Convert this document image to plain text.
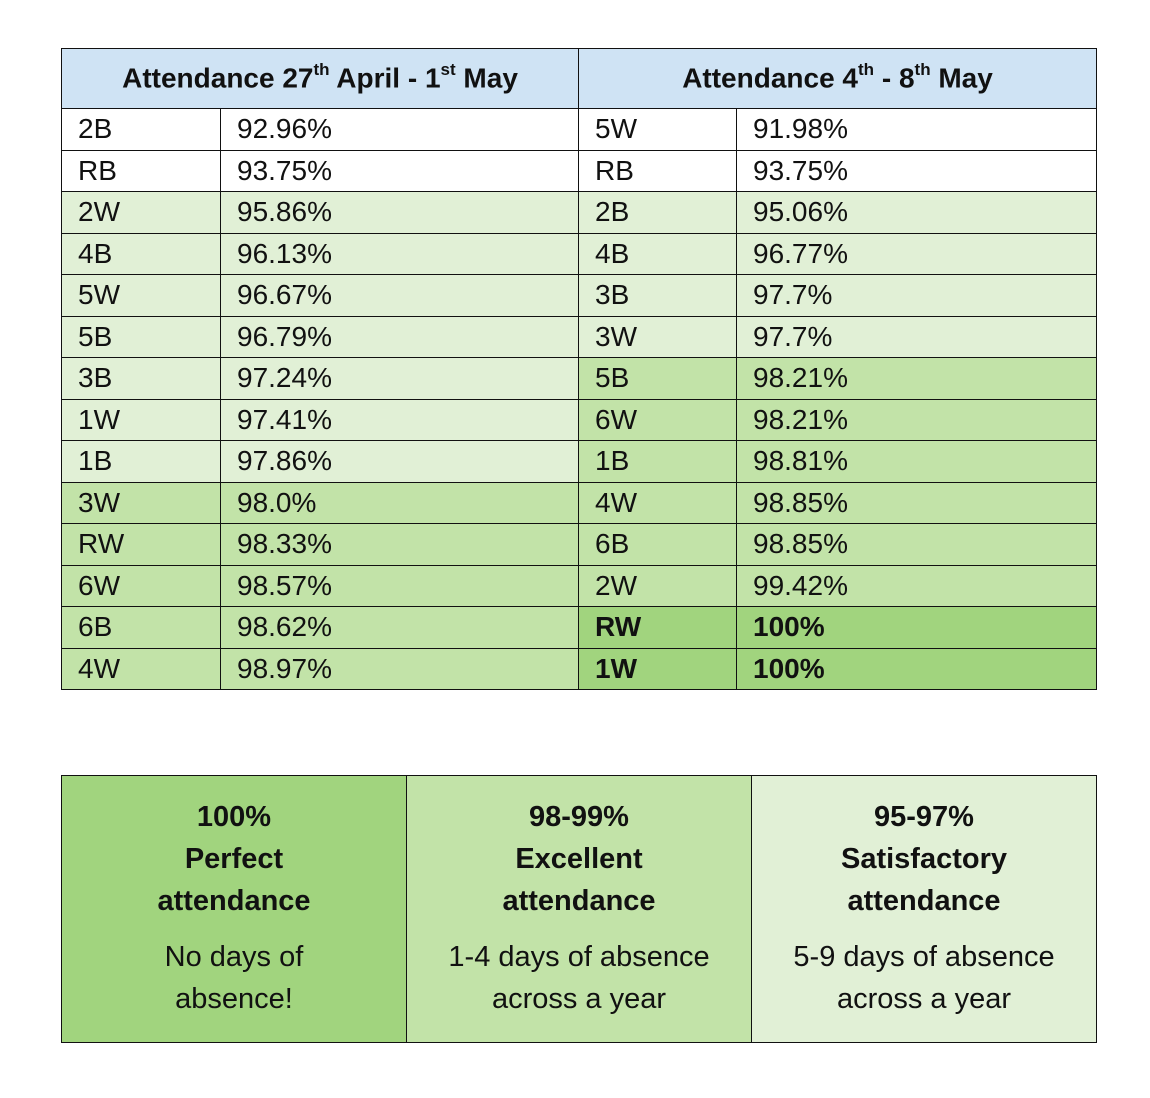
Attendance 27th April - 1st May		Attendance 4th - 8th May	
2B	92.96%	5W	91.98%
RB	93.75%	RB	93.75%
2W	95.86%	2B	95.06%
4B	96.13%	4B	96.77%
5W	96.67%	3B	97.7%
5B	96.79%	3W	97.7%
3B	97.24%	5B	98.21%
1W	97.41%	6W	98.21%
1B	97.86%	1B	98.81%
3W	98.0%	4W	98.85%
RW	98.33%	6B	98.85%
6W	98.57%	2W	99.42%
6B	98.62%	RW	100%
4W	98.97%	1W	100%
100%
Perfect
attendance
No days of
absence!

98-99%
Excellent
attendance
1-4 days of absence
across a year

95-97%
Satisfactory
attendance
5-9 days of absence
across a year
